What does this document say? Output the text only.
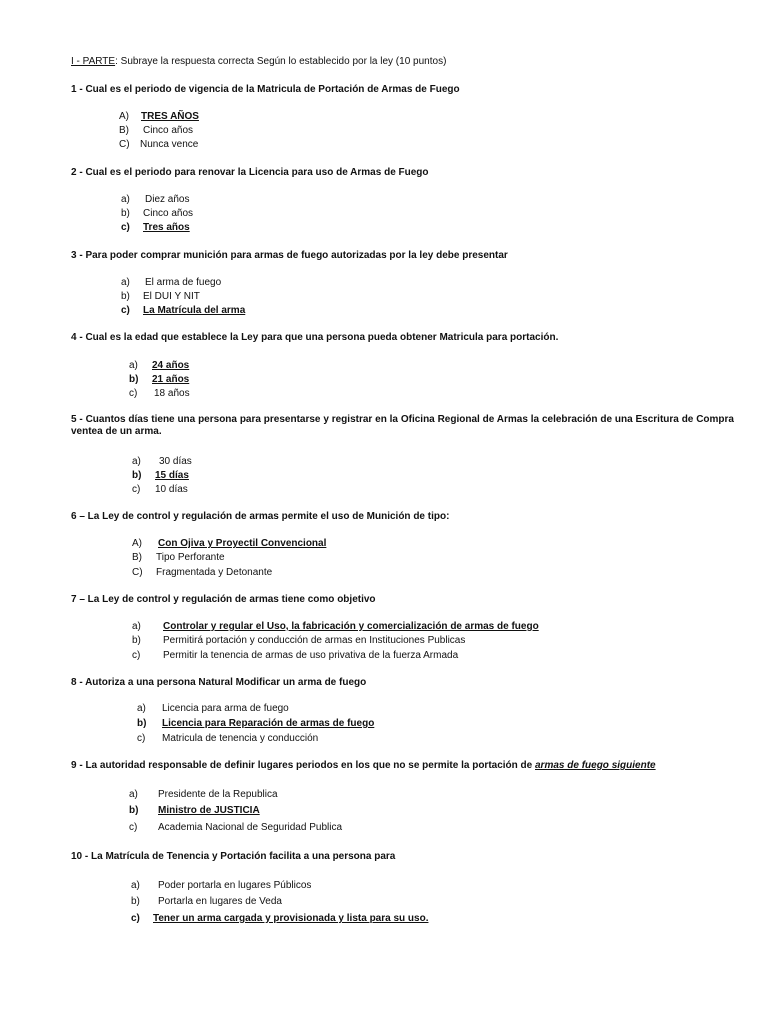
I - PARTE: Subraye la respuesta correcta Según lo establecido por la ley (10 puntos)
1 - Cual es el periodo de vigencia de la Matricula de Portación de Armas de Fuego
A) TRES AÑOS
B) Cinco años
C) Nunca vence
2 - Cual es el periodo para renovar la Licencia para uso de Armas de Fuego
a) Diez años
b) Cinco años
c) Tres años
3 - Para poder comprar munición para armas de fuego autorizadas por la ley debe presentar
a) El arma de fuego
b) El DUI Y NIT
c) La Matrícula del arma
4 - Cual es la edad que establece la Ley para que una persona pueda obtener Matricula para portación.
a) 24 años
b) 21 años
c) 18 años
5 - Cuantos días tiene una persona para presentarse y registrar en la Oficina Regional de Armas la celebración de una Escritura de Compra ventea de un arma.
a) 30 días
b) 15 días
c) 10 días
6 – La Ley de control y regulación de armas permite el uso de Munición de tipo:
A) Con Ojiva y Proyectil Convencional
B) Tipo Perforante
C) Fragmentada y Detonante
7 – La Ley de control y regulación de armas tiene como objetivo
a) Controlar y regular el Uso, la fabricación y comercialización de armas de fuego
b) Permitirá portación y conducción de armas en Instituciones Publicas
c) Permitir la tenencia de armas de uso privativa de la fuerza Armada
8 - Autoriza a una persona Natural Modificar un arma de fuego
a) Licencia para arma de fuego
b) Licencia para Reparación de armas de fuego
c) Matricula de tenencia y conducción
9 - La autoridad responsable de definir lugares periodos en los que no se permite la portación de armas de fuego siguiente
a) Presidente de la Republica
b) Ministro de JUSTICIA
c) Academia Nacional de Seguridad Publica
10 - La Matrícula de Tenencia y Portación facilita a una persona para
a) Poder portarla en lugares Públicos
b) Portarla en lugares de Veda
c) Tener un arma cargada y provisionada y lista para su uso.
